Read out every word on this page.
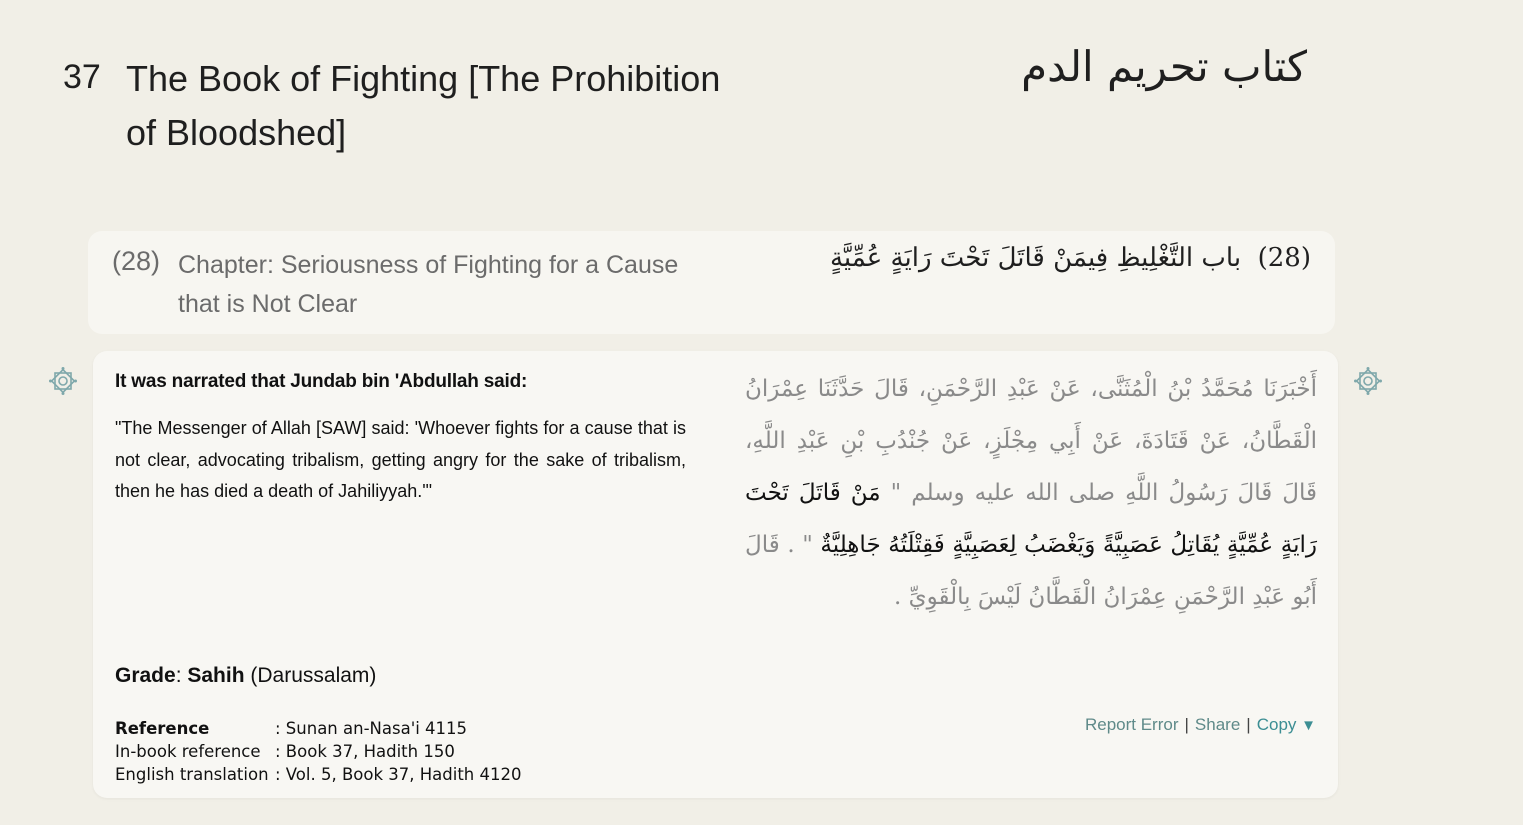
37 The Book of Fighting [The Prohibition of Bloodshed]
كتاب تحريم الدم
(28) Chapter: Seriousness of Fighting for a Cause that is Not Clear
(28)  باب التَّغْلِيظِ فِيمَنْ قَاتَلَ تَحْتَ رَايَةٍ عُمِّيَّةٍ
It was narrated that Jundab bin 'Abdullah said:
"The Messenger of Allah [SAW] said: 'Whoever fights for a cause that is not clear, advocating tribalism, getting angry for the sake of tribalism, then he has died a death of Jahiliyyah.'"
أَخْبَرَنَا مُحَمَّدُ بْنُ الْمُثَنَّى، عَنْ عَبْدِ الرَّحْمَنِ، قَالَ حَدَّثَنَا عِمْرَانُ الْقَطَّانُ، عَنْ قَتَادَةَ، عَنْ أَبِي مِجْلَزٍ، عَنْ جُنْدُبِ بْنِ عَبْدِ اللَّهِ، قَالَ قَالَ رَسُولُ اللَّهِ صلى الله عليه وسلم " مَنْ قَاتَلَ تَحْتَ رَايَةٍ عُمِّيَّةٍ يُقَاتِلُ عَصَبِيَّةً وَيَغْضَبُ لِعَصَبِيَّةٍ فَقِتْلَتُهُ جَاهِلِيَّةٌ " . قَالَ أَبُو عَبْدِ الرَّحْمَنِ عِمْرَانُ الْقَطَّانُ لَيْسَ بِالْقَوِيِّ .
Grade: Sahih (Darussalam)
Reference	: Sunan an-Nasa'i 4115
In-book reference	: Book 37, Hadith 150
English translation	: Vol. 5, Book 37, Hadith 4120
Report Error | Share | Copy ▼
